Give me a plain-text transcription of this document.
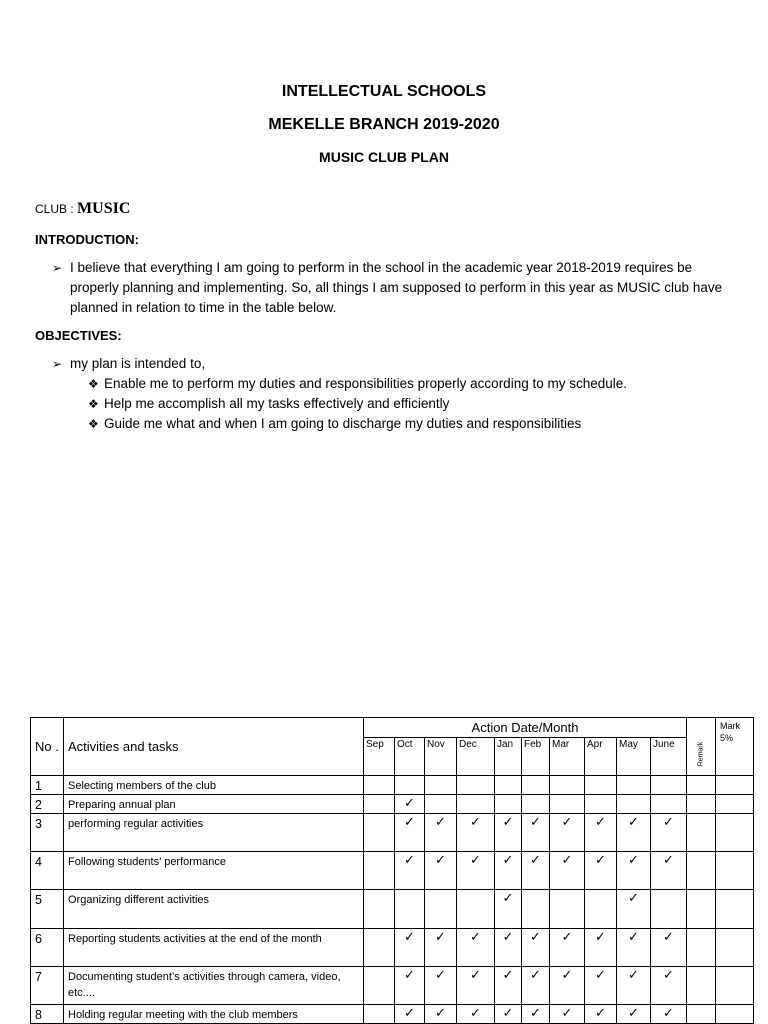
INTELLECTUAL SCHOOLS
MEKELLE BRANCH 2019-2020
MUSIC CLUB PLAN
CLUB : MUSIC
INTRODUCTION:
➢ I believe that everything I am going to perform in the school in the academic year 2018-2019 requires be properly planning and implementing. So, all things I am supposed to perform in this year as MUSIC club have planned in relation to time in the table below.
OBJECTIVES:
➢ my plan is intended to,
❖ Enable me to perform my duties and responsibilities properly according to my schedule.
❖ Help me accomplish all my tasks effectively and efficiently
❖ Guide me what and when I am going to discharge my duties and responsibilities
No .	Activities and tasks	Action Date/Month										Remark	Mark 5%
		Sep	Oct	Nov	Dec	Jan	Feb	Mar	Apr	May	June		
1	Selecting members of the club												
2	Preparing annual plan		✓										
3	performing regular activities		✓	✓	✓	✓	✓	✓	✓	✓	✓		
4	Following students’ performance		✓	✓	✓	✓	✓	✓	✓	✓	✓		
5	Organizing different activities					✓				✓			
6	Reporting students activities at the end of the month		✓	✓	✓	✓	✓	✓	✓	✓	✓		
7	Documenting student’s activities through camera, video, etc....		✓	✓	✓	✓	✓	✓	✓	✓	✓		
8	Holding regular meeting with the club members		✓	✓	✓	✓	✓	✓	✓	✓	✓		
